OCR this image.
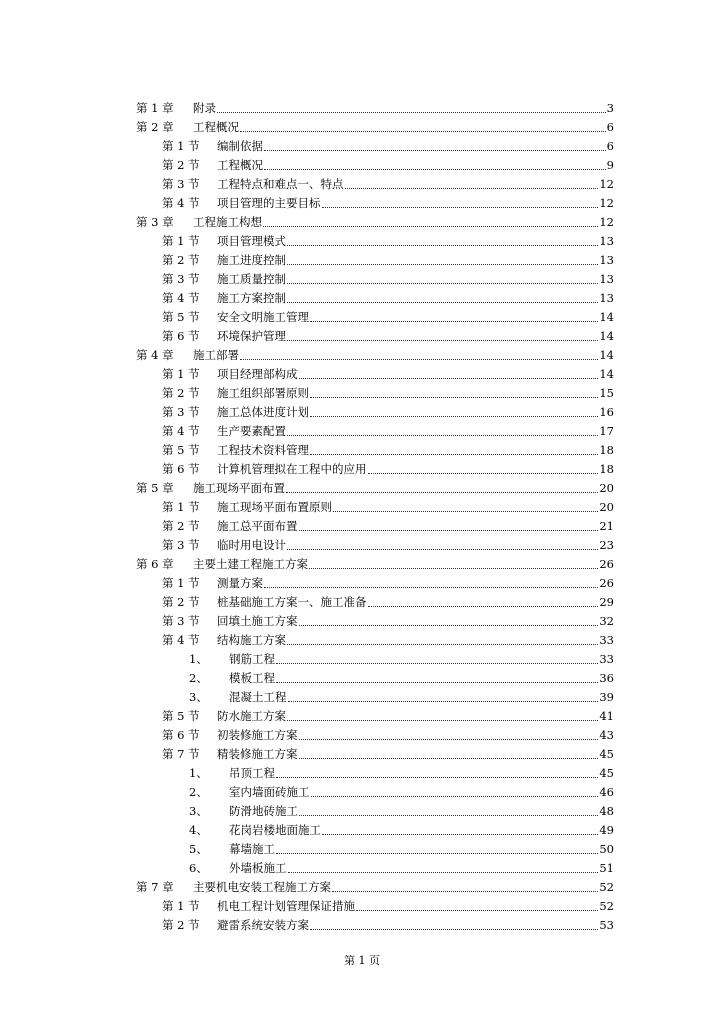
第 1 章 附录	3
第 2 章 工程概况	6
第 1 节 编制依据	6
第 2 节 工程概况	9
第 3 节 工程特点和难点一、特点	12
第 4 节 项目管理的主要目标	12
第 3 章 工程施工构想	12
第 1 节 项目管理模式	13
第 2 节 施工进度控制	13
第 3 节 施工质量控制	13
第 4 节 施工方案控制	13
第 5 节 安全文明施工管理	14
第 6 节 环境保护管理	14
第 4 章 施工部署	14
第 1 节 项目经理部构成	14
第 2 节 施工组织部署原则	15
第 3 节 施工总体进度计划	16
第 4 节 生产要素配置	17
第 5 节 工程技术资料管理	18
第 6 节 计算机管理拟在工程中的应用	18
第 5 章 施工现场平面布置	20
第 1 节 施工现场平面布置原则	20
第 2 节 施工总平面布置	21
第 3 节 临时用电设计	23
第 6 章 主要土建工程施工方案	26
第 1 节 测量方案	26
第 2 节 桩基础施工方案一、施工准备	29
第 3 节 回填土施工方案	32
第 4 节 结构施工方案	33
1、 钢筋工程	33
2、 模板工程	36
3、 混凝土工程	39
第 5 节 防水施工方案	41
第 6 节 初装修施工方案	43
第 7 节 精装修施工方案	45
1、 吊顶工程	45
2、 室内墙面砖施工	46
3、 防滑地砖施工	48
4、 花岗岩楼地面施工	49
5、 幕墙施工	50
6、 外墙板施工	51
第 7 章 主要机电安装工程施工方案	52
第 1 节 机电工程计划管理保证措施	52
第 2 节 避雷系统安装方案	53
第 1 页
